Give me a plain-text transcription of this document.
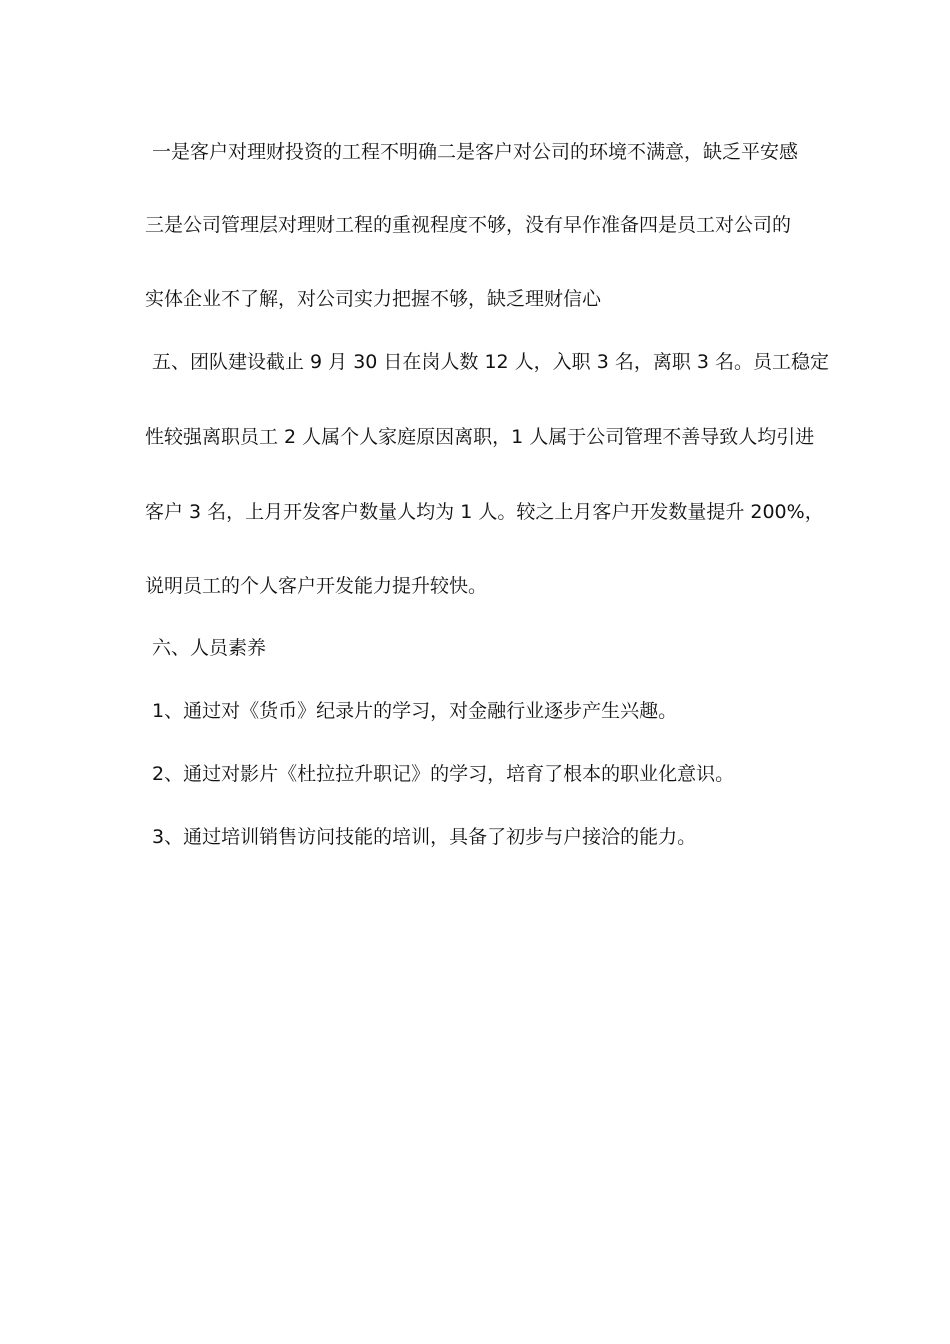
一是客户对理财投资的工程不明确二是客户对公司的环境不满意，缺乏平安感
三是公司管理层对理财工程的重视程度不够，没有早作准备四是员工对公司的
实体企业不了解，对公司实力把握不够，缺乏理财信心
五、团队建设截止 9 月 30 日在岗人数 12 人，入职 3 名，离职 3 名。员工稳定
性较强离职员工 2 人属个人家庭原因离职，1 人属于公司管理不善导致人均引进
客户 3 名，上月开发客户数量人均为 1 人。较之上月客户开发数量提升 200%，
说明员工的个人客户开发能力提升较快。
六、人员素养
1、通过对《货币》纪录片的学习，对金融行业逐步产生兴趣。
2、通过对影片《杜拉拉升职记》的学习，培育了根本的职业化意识。
3、通过培训销售访问技能的培训，具备了初步与户接洽的能力。
